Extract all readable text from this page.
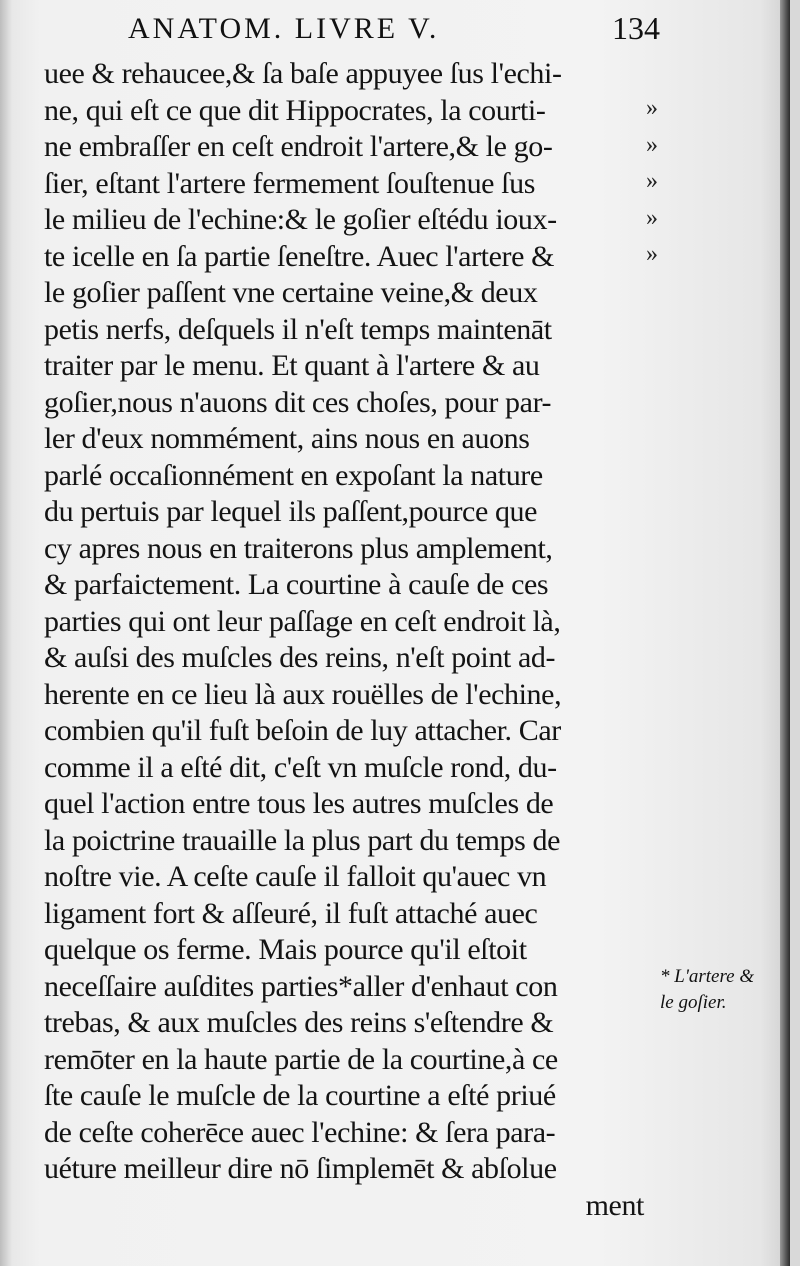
ANATOM. LIVRE V.	134
uee & rehaucee,& ſa baſe appuyee ſus l'echi-
ne, qui eſt ce que dit Hippocrates, la courti-
ne embraſſer en ceſt endroit l'artere,& le go-
ſier, eſtant l'artere fermement ſouſtenue ſus
le milieu de l'echine:& le goſier eſtédu ioux-
te icelle en ſa partie ſeneſtre. Auec l'artere &
le goſier paſſent vne certaine veine,& deux
petis nerfs, deſquels il n'eſt temps maintenāt
traiter par le menu. Et quant à l'artere & au
goſier,nous n'auons dit ces choſes, pour par-
ler d'eux nommément, ains nous en auons
parlé occaſionnément en expoſant la nature
du pertuis par lequel ils paſſent,pource que
cy apres nous en traiterons plus amplement,
& parfaictement. La courtine à cauſe de ces
parties qui ont leur paſſage en ceſt endroit là,
& auſsi des muſcles des reins, n'eſt point ad-
herente en ce lieu là aux rouëlles de l'echine,
combien qu'il fuſt beſoin de luy attacher. Car
comme il a eſté dit, c'eſt vn muſcle rond, du-
quel l'action entre tous les autres muſcles de
la poictrine trauaille la plus part du temps de
noſtre vie. A ceſte cauſe il falloit qu'auec vn
ligament fort & aſſeuré, il fuſt attaché auec
quelque os ferme. Mais pource qu'il eſtoit
neceſſaire auſdites parties*aller d'enhaut con
trebas, & aux muſcles des reins s'eſtendre &
remōter en la haute partie de la courtine,à ce
ſte cauſe le muſcle de la courtine a eſté priué
de ceſte coherēce auec l'echine: & ſera para-
uéture meilleur dire nō ſimplemēt & abſolue
ment
»
»
»
»
»
* L'artere &
le goſier.
